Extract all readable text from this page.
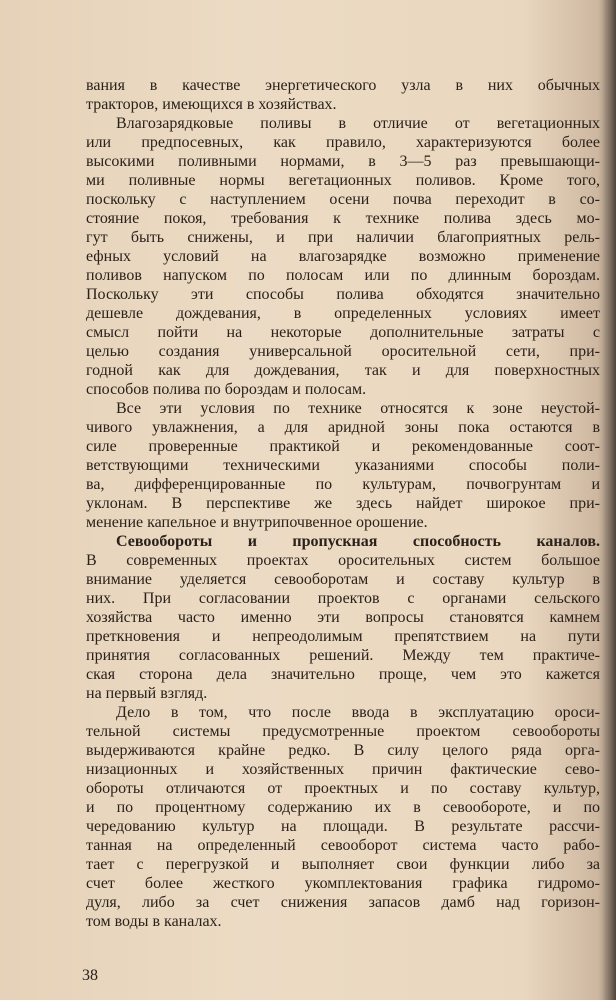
вания в качестве энергетического узла в них обычных
тракторов, имеющихся в хозяйствах.
Влагозарядковые поливы в отличие от вегетационных
или предпосевных, как правило, характеризуются более
высокими поливными нормами, в 3—5 раз превышающи-
ми поливные нормы вегетационных поливов. Кроме того,
поскольку с наступлением осени почва переходит в со-
стояние покоя, требования к технике полива здесь мо-
гут быть снижены, и при наличии благоприятных рель-
ефных условий на влагозарядке возможно применение
поливов напуском по полосам или по длинным бороздам.
Поскольку эти способы полива обходятся значительно
дешевле дождевания, в определенных условиях имеет
смысл пойти на некоторые дополнительные затраты с
целью создания универсальной оросительной сети, при-
годной как для дождевания, так и для поверхностных
способов полива по бороздам и полосам.
Все эти условия по технике относятся к зоне неустой-
чивого увлажнения, а для аридной зоны пока остаются в
силе проверенные практикой и рекомендованные соот-
ветствующими техническими указаниями способы поли-
ва, дифференцированные по культурам, почвогрунтам и
уклонам. В перспективе же здесь найдет широкое при-
менение капельное и внутрипочвенное орошение.
Севообороты и пропускная способность каналов.
В современных проектах оросительных систем большое
внимание уделяется севооборотам и составу культур в
них. При согласовании проектов с органами сельского
хозяйства часто именно эти вопросы становятся камнем
преткновения и непреодолимым препятствием на пути
принятия согласованных решений. Между тем практиче-
ская сторона дела значительно проще, чем это кажется
на первый взгляд.
Дело в том, что после ввода в эксплуатацию ороси-
тельной системы предусмотренные проектом севообороты
выдерживаются крайне редко. В силу целого ряда орга-
низационных и хозяйственных причин фактические сево-
обороты отличаются от проектных и по составу культур,
и по процентному содержанию их в севообороте, и по
чередованию культур на площади. В результате рассчи-
танная на определенный севооборот система часто рабо-
тает с перегрузкой и выполняет свои функции либо за
счет более жесткого укомплектования графика гидромо-
дуля, либо за счет снижения запасов дамб над горизон-
том воды в каналах.
38
